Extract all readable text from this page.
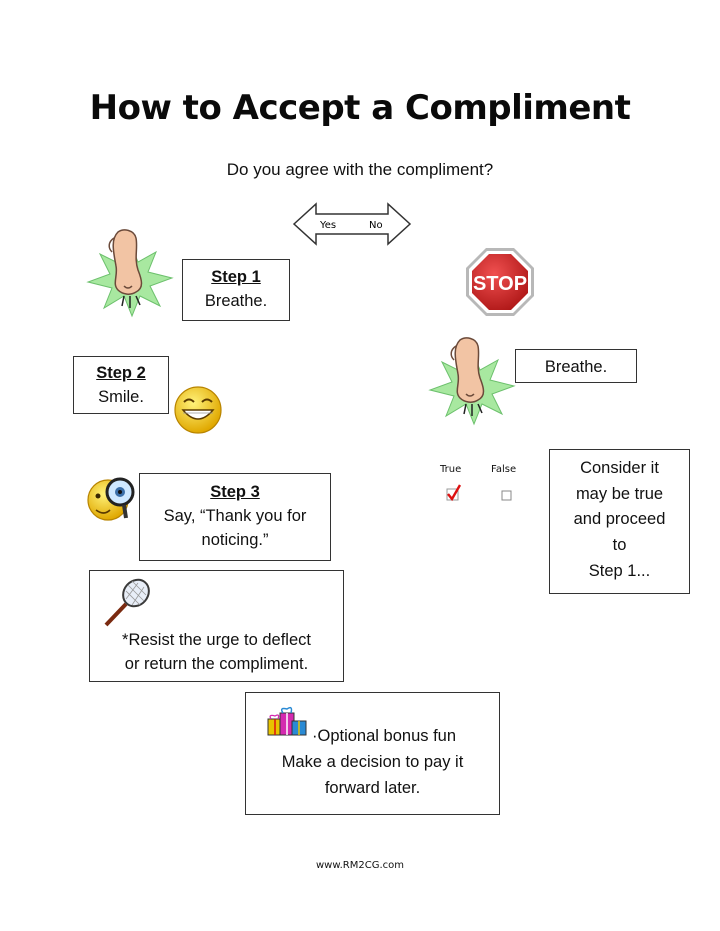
How to Accept a Compliment
Do you agree with the compliment?
Yes	No
Step 1
Breathe.
STOP
Step 2
Smile.
Breathe.
True	False	Consider it
may be true
and proceed
to
Step 1...
Step 3
Say, “Thank you for
noticing.”
*Resist the urge to deflect
or return the compliment.
·Optional bonus fun
Make a decision to pay it
forward later.
www.RM2CG.com
